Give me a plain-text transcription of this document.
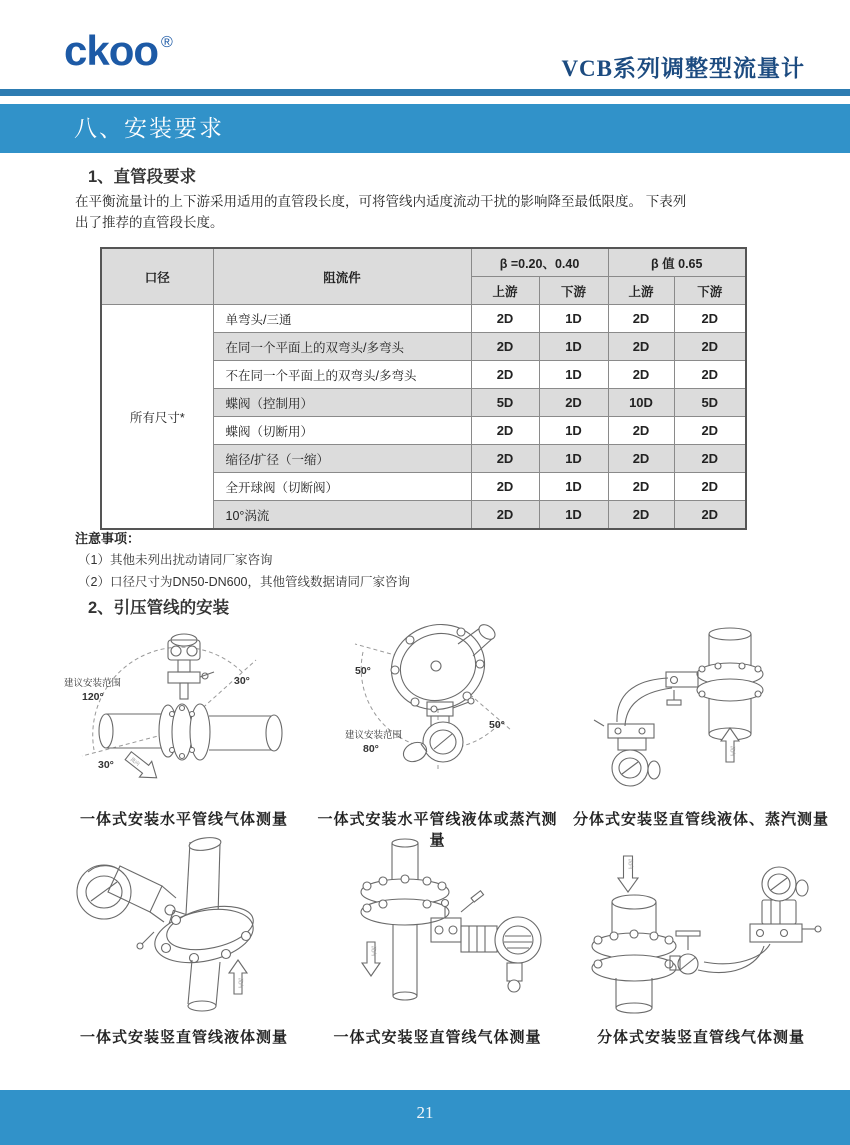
ckoo ®
VCB系列调整型流量计
八、安装要求
1、直管段要求
在平衡流量计的上下游采用适用的直管段长度，可将管线内适度流动干扰的影响降至最低限度。 下表列
出了推荐的直管段长度。
口径	阻流件	β =0.20、0.40		β 值 0.65	
		上游	下游	上游	下游
所有尺寸*	单弯头/三通	2D	1D	2D	2D
	在同一个平面上的双弯头/多弯头	2D	1D	2D	2D
	不在同一个平面上的双弯头/多弯头	2D	1D	2D	2D
	蝶阀（控制用）	5D	2D	10D	5D
	蝶阀（切断用）	2D	1D	2D	2D
	缩径/扩径（一缩）	2D	1D	2D	2D
	全开球阀（切断阀）	2D	1D	2D	2D
	10°涡流	2D	1D	2D	2D
注意事项：
（1）其他未列出扰动请同厂家咨询
（2）口径尺寸为DN50-DN600，其他管线数据请同厂家咨询
2、引压管线的安装
流向
建议安装范围
120°
30°
30°
一体式安装水平管线气体测量
50°
50°
建议安装范围
80°
一体式安装水平管线液体或蒸汽测量
流向
分体式安装竖直管线液体、蒸汽测量
流向
一体式安装竖直管线液体测量
流向
一体式安装竖直管线气体测量
流向
分体式安装竖直管线气体测量
21
